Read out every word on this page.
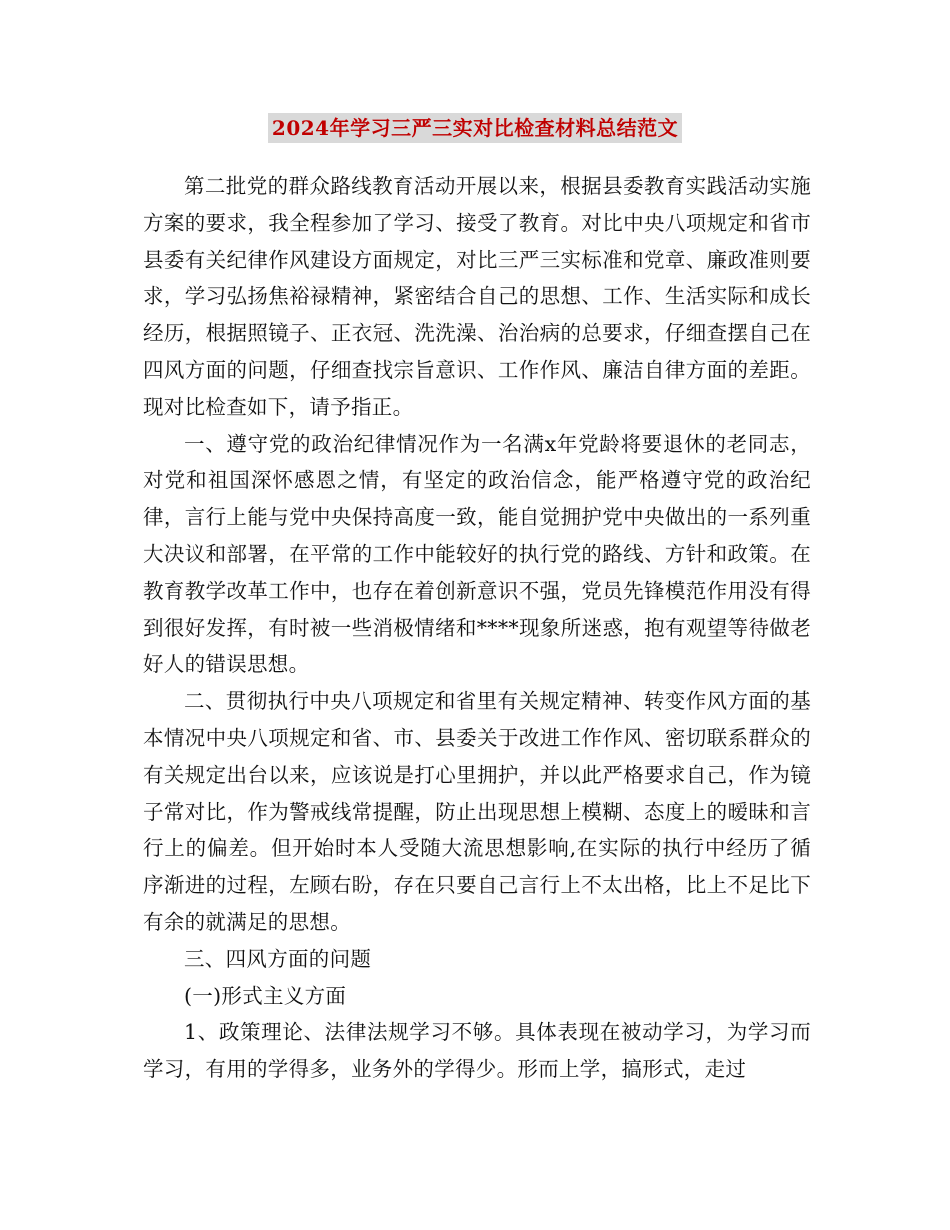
2024年学习三严三实对比检查材料总结范文

第二批党的群众路线教育活动开展以来，根据县委教育实践活动实施方案的要求，我全程参加了学习、接受了教育。对比中央八项规定和省市县委有关纪律作风建设方面规定，对比三严三实标准和党章、廉政准则要求，学习弘扬焦裕禄精神，紧密结合自己的思想、工作、生活实际和成长经历，根据照镜子、正衣冠、洗洗澡、治治病的总要求，仔细查摆自己在四风方面的问题，仔细查找宗旨意识、工作作风、廉洁自律方面的差距。现对比检查如下，请予指正。

一、遵守党的政治纪律情况作为一名满x年党龄将要退休的老同志，对党和祖国深怀感恩之情，有坚定的政治信念，能严格遵守党的政治纪律，言行上能与党中央保持高度一致，能自觉拥护党中央做出的一系列重大决议和部署，在平常的工作中能较好的执行党的路线、方针和政策。在教育教学改革工作中，也存在着创新意识不强，党员先锋模范作用没有得到很好发挥，有时被一些消极情绪和****现象所迷惑，抱有观望等待做老好人的错误思想。

二、贯彻执行中央八项规定和省里有关规定精神、转变作风方面的基本情况中央八项规定和省、市、县委关于改进工作作风、密切联系群众的有关规定出台以来，应该说是打心里拥护，并以此严格要求自己，作为镜子常对比，作为警戒线常提醒，防止出现思想上模糊、态度上的暧昧和言行上的偏差。但开始时本人受随大流思想影响,在实际的执行中经历了循序渐进的过程，左顾右盼，存在只要自己言行上不太出格，比上不足比下有余的就满足的思想。

三、四风方面的问题

(一)形式主义方面

1、政策理论、法律法规学习不够。具体表现在被动学习，为学习而学习，有用的学得多，业务外的学得少。形而上学，搞形式，走过
